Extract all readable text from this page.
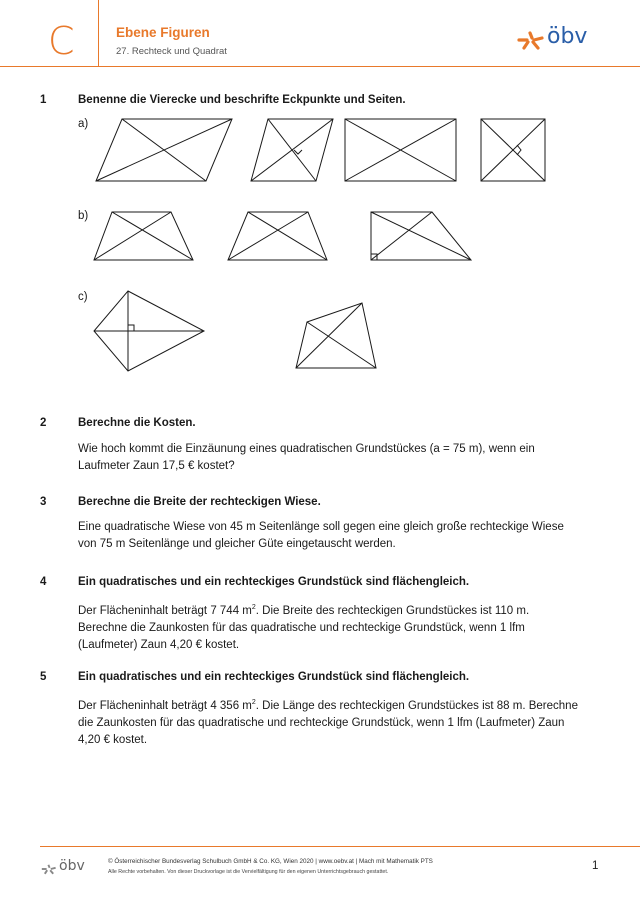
C	Ebene Figuren
27. Rechteck und Quadrat
öbv
1	Benenne die Vierecke und beschrifte Eckpunkte und Seiten.
a)
b)
c)
2	Berechne die Kosten.
Wie hoch kommt die Einzäunung eines quadratischen Grundstückes (a = 75 m), wenn ein Laufmeter Zaun 17,5 € kostet?
3	Berechne die Breite der rechteckigen Wiese.
Eine quadratische Wiese von 45 m Seitenlänge soll gegen eine gleich große rechteckige Wiese von 75 m Seitenlänge und gleicher Güte eingetauscht werden.
4	Ein quadratisches und ein rechteckiges Grundstück sind flächengleich.
Der Flächeninhalt beträgt 7 744 $m^2$. Die Breite des rechteckigen Grundstückes ist 110 m. Berechne die Zaunkosten für das quadratische und rechteckige Grundstück, wenn 1 lfm (Laufmeter) Zaun 4,20 € kostet.
5	Ein quadratisches und ein rechteckiges Grundstück sind flächengleich.
Der Flächeninhalt beträgt 4 356 $m^2$. Die Länge des rechteckigen Grundstückes ist 88 m. Berechne die Zaunkosten für das quadratische und rechteckige Grundstück, wenn 1 lfm (Laufmeter) Zaun 4,20 € kostet.
öbv	© Österreichischer Bundesverlag Schulbuch GmbH & Co. KG, Wien 2020 | www.oebv.at | Mach mit Mathematik PTS
Alle Rechte vorbehalten. Von dieser Druckvorlage ist die Vervielfältigung für den eigenen Unterrichtsgebrauch gestattet.	1
